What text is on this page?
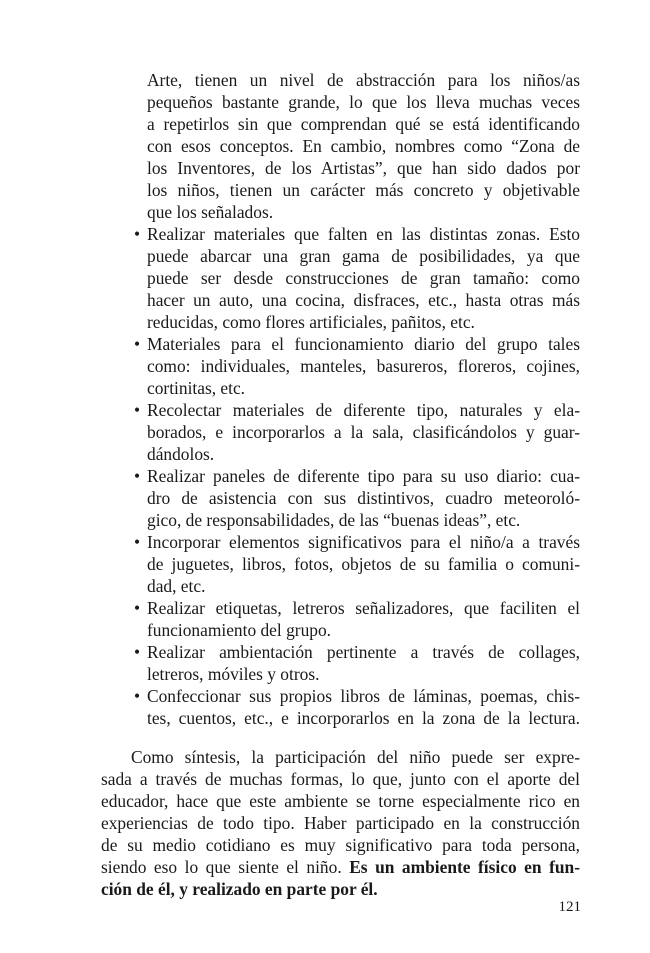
Arte, tienen un nivel de abstracción para los niños/as
pequeños bastante grande, lo que los lleva muchas veces
a repetirlos sin que comprendan qué se está identificando
con esos conceptos. En cambio, nombres como “Zona de
los Inventores, de los Artistas”, que han sido dados por
los niños, tienen un carácter más concreto y objetivable
que los señalados.
• Realizar materiales que falten en las distintas zonas. Esto
puede abarcar una gran gama de posibilidades, ya que
puede ser desde construcciones de gran tamaño: como
hacer un auto, una cocina, disfraces, etc., hasta otras más
reducidas, como flores artificiales, pañitos, etc.
• Materiales para el funcionamiento diario del grupo tales
como: individuales, manteles, basureros, floreros, cojines,
cortinitas, etc.
• Recolectar materiales de diferente tipo, naturales y ela-
borados, e incorporarlos a la sala, clasificándolos y guar-
dándolos.
• Realizar paneles de diferente tipo para su uso diario: cua-
dro de asistencia con sus distintivos, cuadro meteoroló-
gico, de responsabilidades, de las “buenas ideas”, etc.
• Incorporar elementos significativos para el niño/a a través
de juguetes, libros, fotos, objetos de su familia o comuni-
dad, etc.
• Realizar etiquetas, letreros señalizadores, que faciliten el
funcionamiento del grupo.
• Realizar ambientación pertinente a través de collages,
letreros, móviles y otros.
• Confeccionar sus propios libros de láminas, poemas, chis-
tes, cuentos, etc., e incorporarlos en la zona de la lectura.
Como síntesis, la participación del niño puede ser expre-
sada a través de muchas formas, lo que, junto con el aporte del
educador, hace que este ambiente se torne especialmente rico en
experiencias de todo tipo. Haber participado en la construcción
de su medio cotidiano es muy significativo para toda persona,
siendo eso lo que siente el niño. Es un ambiente físico en fun-
ción de él, y realizado en parte por él.
121
